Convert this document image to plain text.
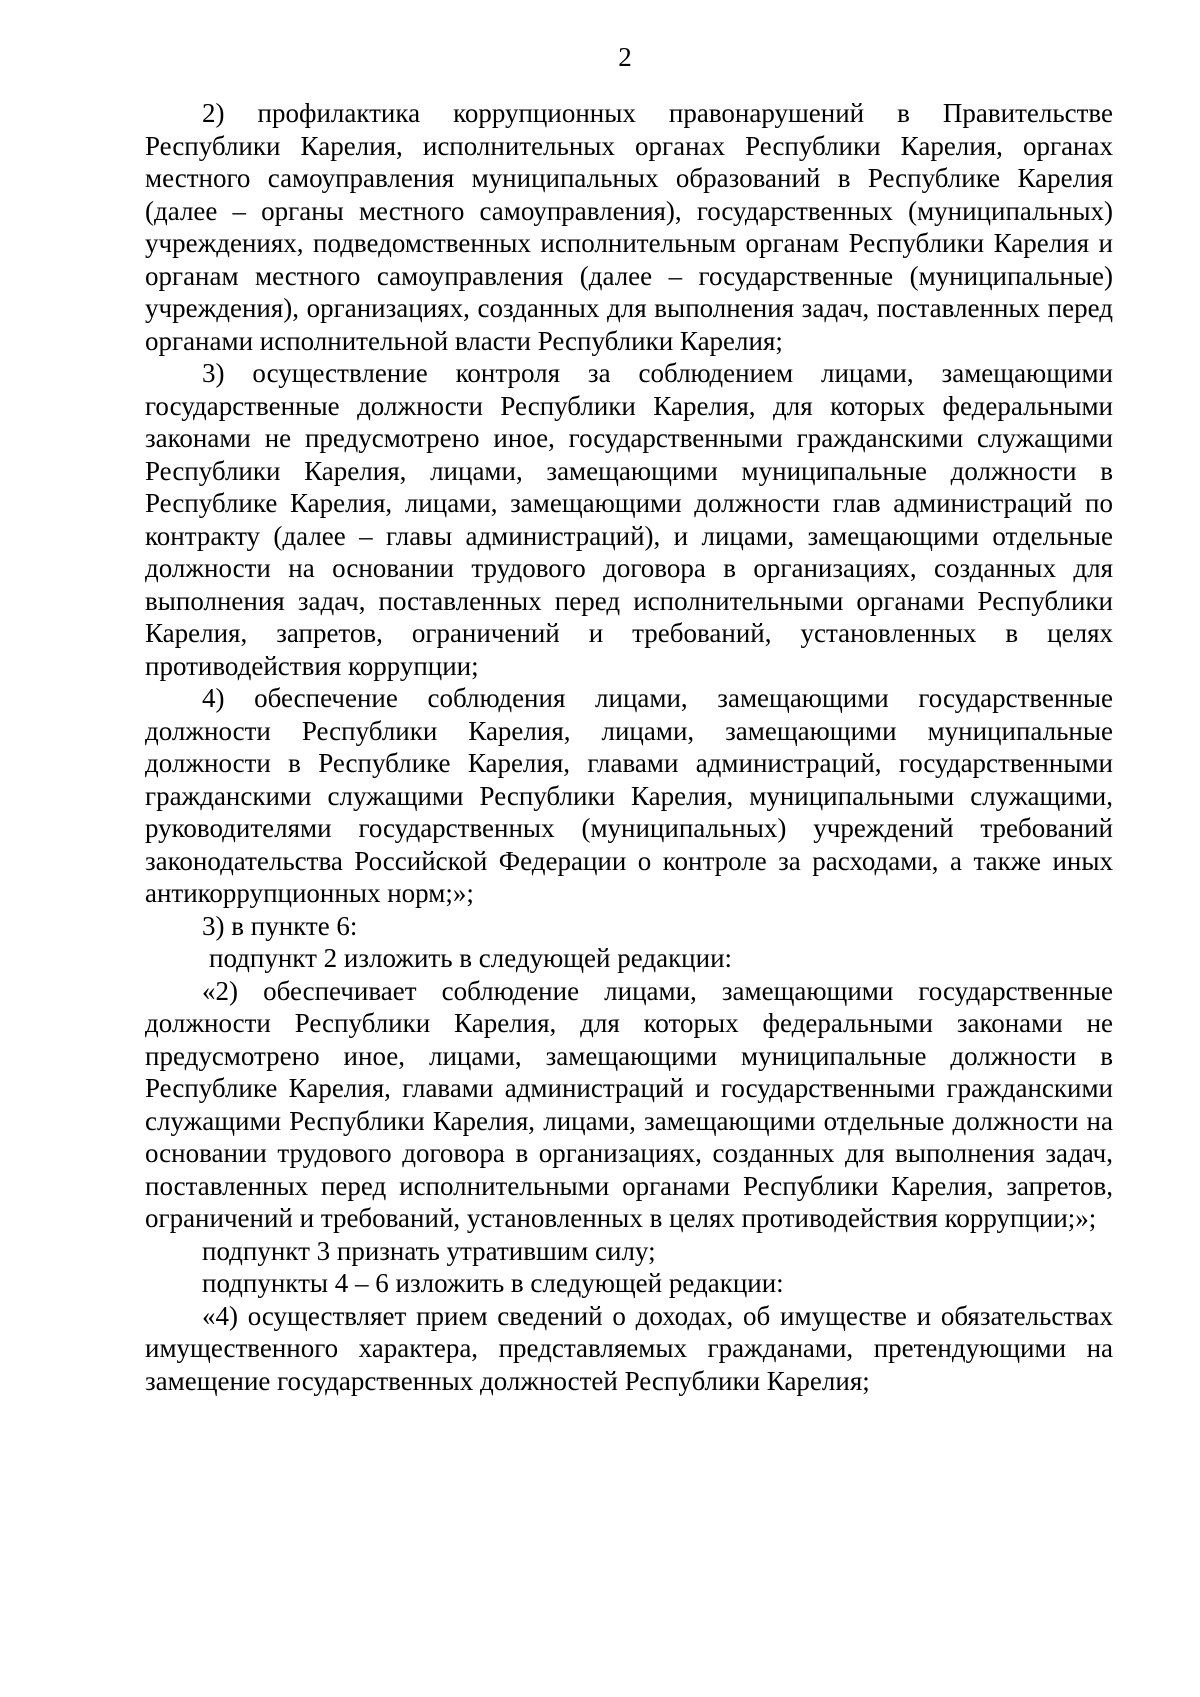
2

2) профилактика коррупционных правонарушений в Правительстве Республики Карелия, исполнительных органах Республики Карелия, органах местного самоуправления муниципальных образований в Республике Карелия (далее – органы местного самоуправления), государственных (муниципальных) учреждениях, подведомственных исполнительным органам Республики Карелия и органам местного самоуправления (далее – государственные (муниципальные) учреждения), организациях, созданных для выполнения задач, поставленных перед органами исполнительной власти Республики Карелия;

3) осуществление контроля за соблюдением лицами, замещающими государственные должности Республики Карелия, для которых федеральными законами не предусмотрено иное, государственными гражданскими служащими Республики Карелия, лицами, замещающими муниципальные должности в Республике Карелия, лицами, замещающими должности глав администраций по контракту (далее – главы администраций), и лицами, замещающими отдельные должности на основании трудового договора в организациях, созданных для выполнения задач, поставленных перед исполнительными органами Республики Карелия, запретов, ограничений и требований, установленных в целях противодействия коррупции;

4) обеспечение соблюдения лицами, замещающими государственные должности Республики Карелия, лицами, замещающими муниципальные должности в Республике Карелия, главами администраций, государственными гражданскими служащими Республики Карелия, муниципальными служащими, руководителями государственных (муниципальных) учреждений требований законодательства Российской Федерации о контроле за расходами, а также иных антикоррупционных норм;»;

3) в пункте 6:

подпункт 2 изложить в следующей редакции:

«2) обеспечивает соблюдение лицами, замещающими государственные должности Республики Карелия, для которых федеральными законами не предусмотрено иное, лицами, замещающими муниципальные должности в Республике Карелия, главами администраций и государственными гражданскими служащими Республики Карелия, лицами, замещающими отдельные должности на основании трудового договора в организациях, созданных для выполнения задач, поставленных перед исполнительными органами Республики Карелия, запретов, ограничений и требований, установленных в целях противодействия коррупции;»;

подпункт 3 признать утратившим силу;

подпункты 4 – 6 изложить в следующей редакции:

«4) осуществляет прием сведений о доходах, об имуществе и обязательствах имущественного характера, представляемых гражданами, претендующими на замещение государственных должностей Республики Карелия;
